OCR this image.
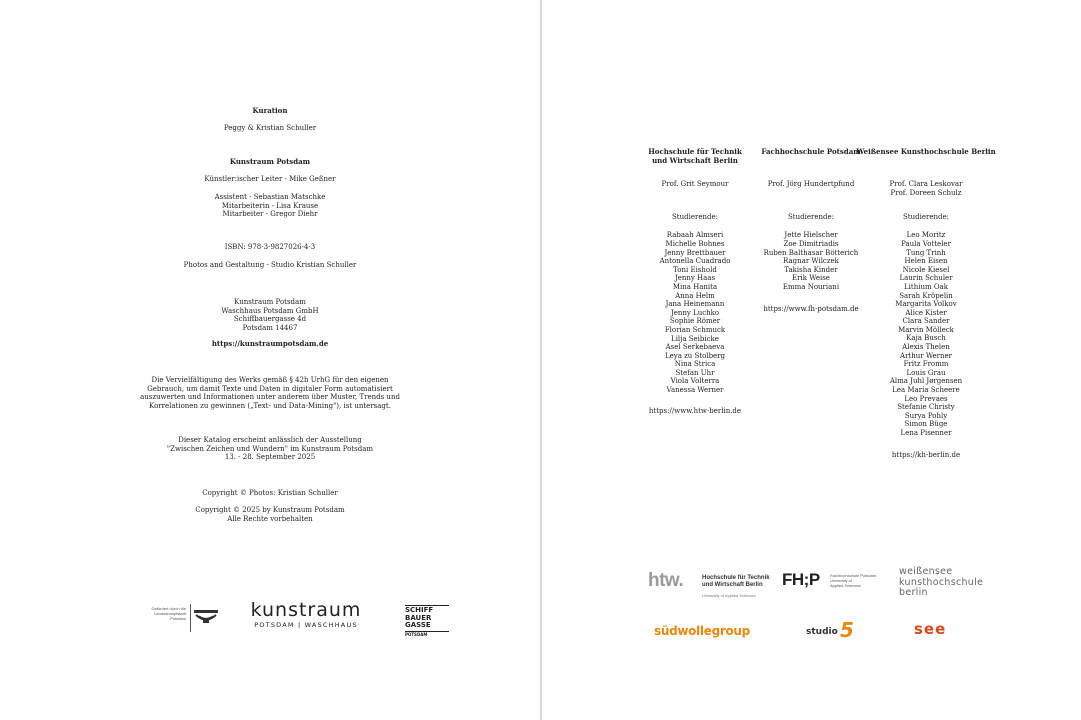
Kuration

Peggy & Kristian Schuller

Kunstraum Potsdam

Künstler:ischer Leiter - Mike Geßner

Assistent - Sebastian Matschke
Mitarbeiterin - Lisa Krause
Mitarbeiter - Gregor Diehr

ISBN: 978-3-9827026-4-3

Photos and Gestaltung - Studio Kristian Schuller

Kunstraum Potsdam
Waschhaus Potsdam GmbH
Schiffbauergasse 4d
Potsdam 14467

https://kunstraumpotsdam.de

Die Vervielfältigung des Werks gemäß § 42h UrhG für den eigenen
Gebrauch, um damit Texte und Daten in digitaler Form automatisiert
auszuwerten und Informationen unter anderem über Muster, Trends und
Korrelationen zu gewinnen („Text- und Data-Mining"), ist untersagt.
Dieser Katalog erscheint anlässlich der Ausstellung
"Zwischen Zeichen und Wundern" im Kunstraum Potsdam
13. - 28. September 2025

Copyright © Photos: Kristian Schuller

Copyright © 2025 by Kunstraum Potsdam
Alle Rechte vorbehalten
Gefördert durch die
Landeshauptstadt
Potsdam	kunstraum
POTSDAM | WASCHHAUS
SCHIFF
BAUER
GASSE
POTSDAM
Hochschule für Technik
und Wirtschaft Berlin
Prof. Grit Seymour
Studierende:
Rabaah Almseri
Michelle Bohnes
Jenny Brettbauer
Antonella Cuadrado
Toni Eishold
Jenny Haas
Mina Hanita
Anna Helm
Jana Heinemann
Jenny Luchko
Sophie Römer
Florian Schmuck
Lilja Seibicke
Asel Serkebaeva
Leya zu Stolberg
Nina Strica
Stefan Uhr
Viola Volterra
Vanessa Werner
https://www.htw-berlin.de
Fachhochschule Potsdam
Prof. Jörg Hundertpfund
Studierende:
Jette Hielscher
Zoe Dimitriadis
Ruben Balthasar Bötterich
Ragnar Wilczek
Takisha Kinder
Erik Weise
Emma Nouriani
https://www.fh-potsdam.de
Weißensee Kunsthochschule Berlin
Prof. Clara Leskovar
Prof. Doreen Schulz
Studierende:
Leo Moritz
Paula Votteler
Tung Trinh
Helen Eisen
Nicole Kiesel
Laurin Schuler
Lithium Oak
Sarah Kröpelin
Margarita Volkov
Alice Kister
Clara Sander
Marvin Mölleck
Kaja Busch
Alexis Thelen
Arthur Werner
Fritz Fromm
Louis Grau
Alma Juhl Jørgensen
Lea Maria Scheere
Leo Prevaes
Stefanie Christy
Surya Pohly
Simon Büge
Lena Pisenner
https://kh-berlin.de
htw.	Hochschule für Technik
und Wirtschaft Berlin
University of Applied Sciences
FH;P	Fachhochschule Potsdam
University of
Applied Sciences
weißensee
kunsthochschule
berlin
südwollegroup	studio 5	see
